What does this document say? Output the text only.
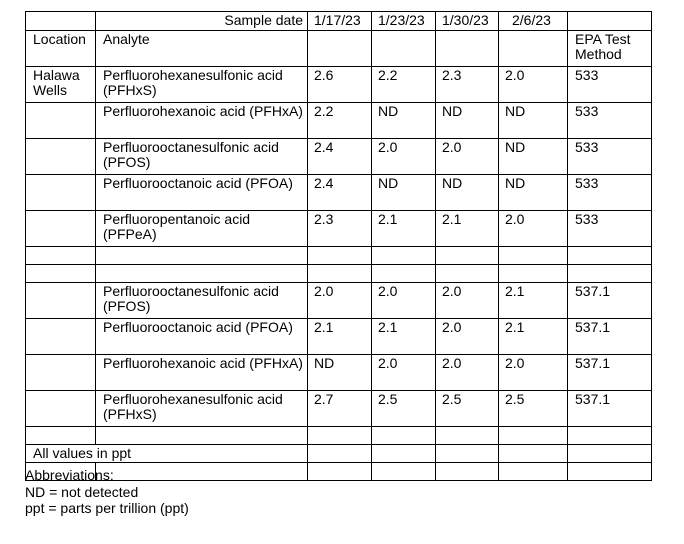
	Sample date	1/17/23	1/23/23	1/30/23	2/6/23	
Location	Analyte					EPA Test Method
Halawa Wells	Perfluorohexanesulfonic acid (PFHxS)	2.6	2.2	2.3	2.0	533
	Perfluorohexanoic acid (PFHxA)	2.2	ND	ND	ND	533
	Perfluorooctanesulfonic acid (PFOS)	2.4	2.0	2.0	ND	533
	Perfluorooctanoic acid (PFOA)	2.4	ND	ND	ND	533
	Perfluoropentanoic acid (PFPeA)	2.3	2.1	2.1	2.0	533

	Perfluorooctanesulfonic acid (PFOS)	2.0	2.0	2.0	2.1	537.1
	Perfluorooctanoic acid (PFOA)	2.1	2.1	2.0	2.1	537.1
	Perfluorohexanoic acid (PFHxA)	ND	2.0	2.0	2.0	537.1
	Perfluorohexanesulfonic acid (PFHxS)	2.7	2.5	2.5	2.5	537.1

All values in ppt						

Abbreviations:
ND = not detected
ppt = parts per trillion (ppt)
